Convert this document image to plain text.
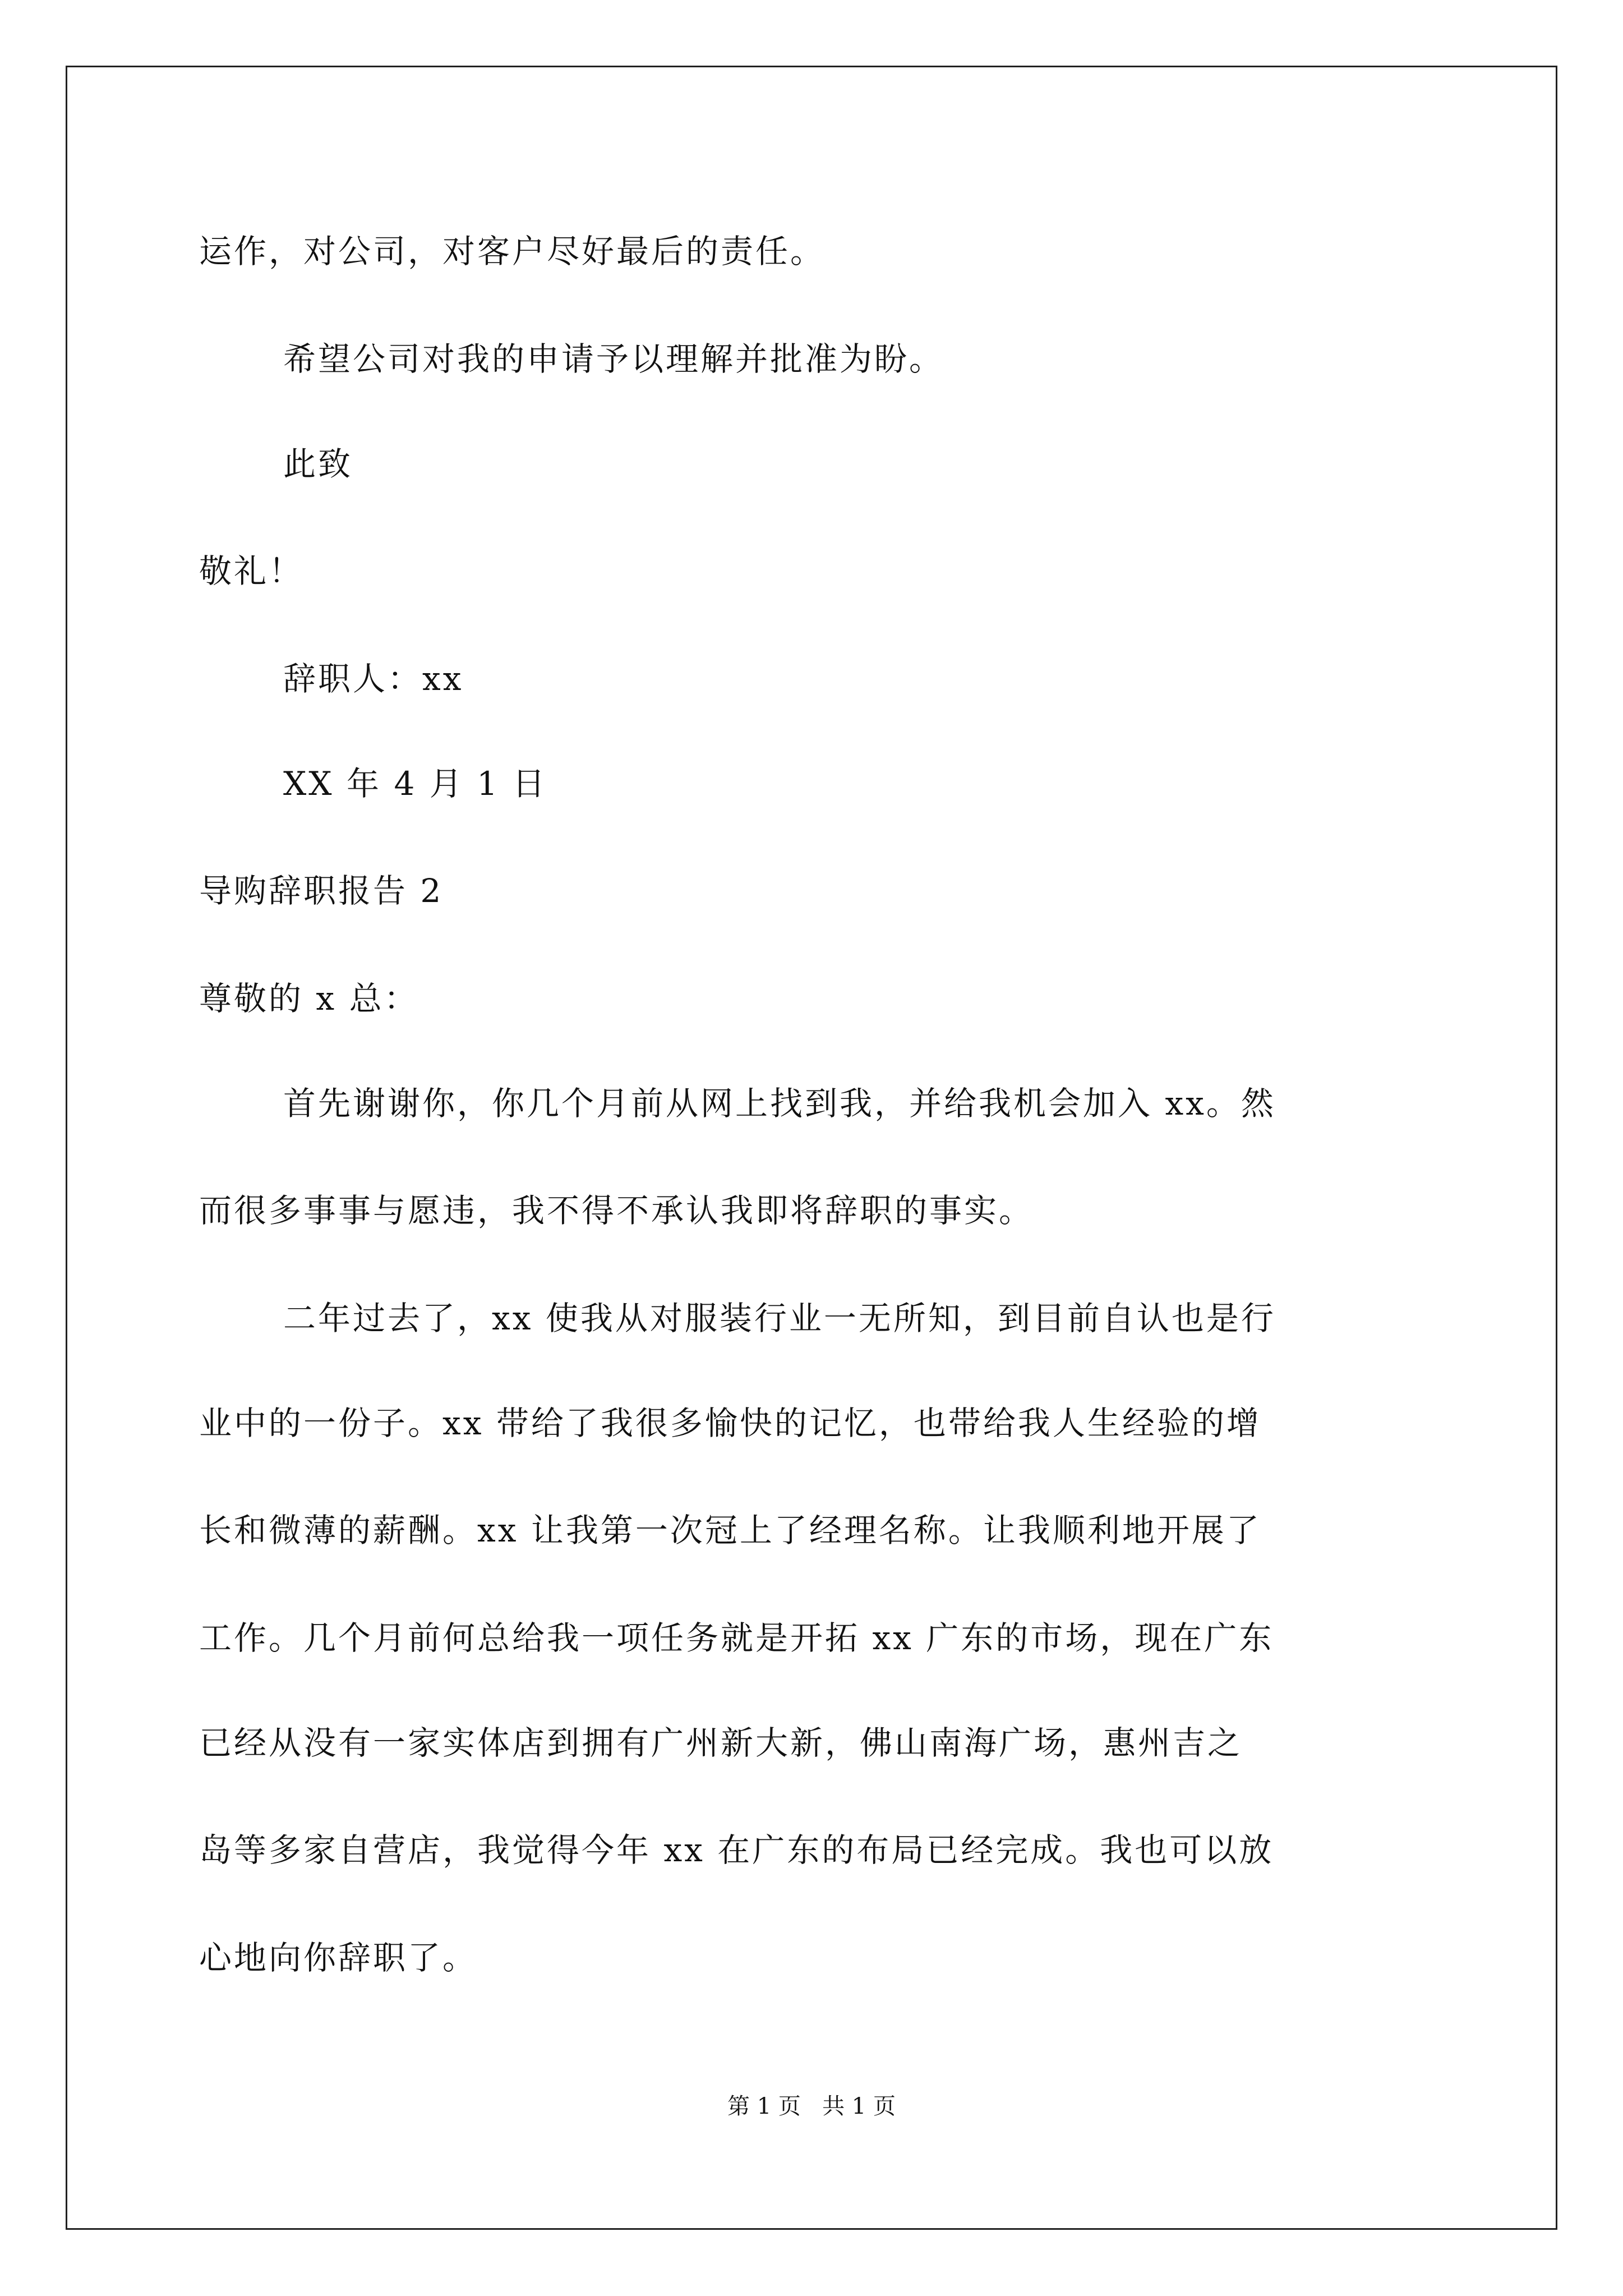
运作，对公司，对客户尽好最后的责任。
希望公司对我的申请予以理解并批准为盼。
此致
敬礼！
辞职人：xx
XX 年 4 月 1 日
导购辞职报告 2
尊敬的 x 总：
首先谢谢你，你几个月前从网上找到我，并给我机会加入 xx。然
而很多事事与愿违，我不得不承认我即将辞职的事实。
二年过去了，xx 使我从对服装行业一无所知，到目前自认也是行
业中的一份子。xx 带给了我很多愉快的记忆，也带给我人生经验的增
长和微薄的薪酬。xx 让我第一次冠上了经理名称。让我顺利地开展了
工作。几个月前何总给我一项任务就是开拓 xx 广东的市场，现在广东
已经从没有一家实体店到拥有广州新大新，佛山南海广场，惠州吉之
岛等多家自营店，我觉得今年 xx 在广东的布局已经完成。我也可以放
心地向你辞职了。
第 1 页   共 1 页
